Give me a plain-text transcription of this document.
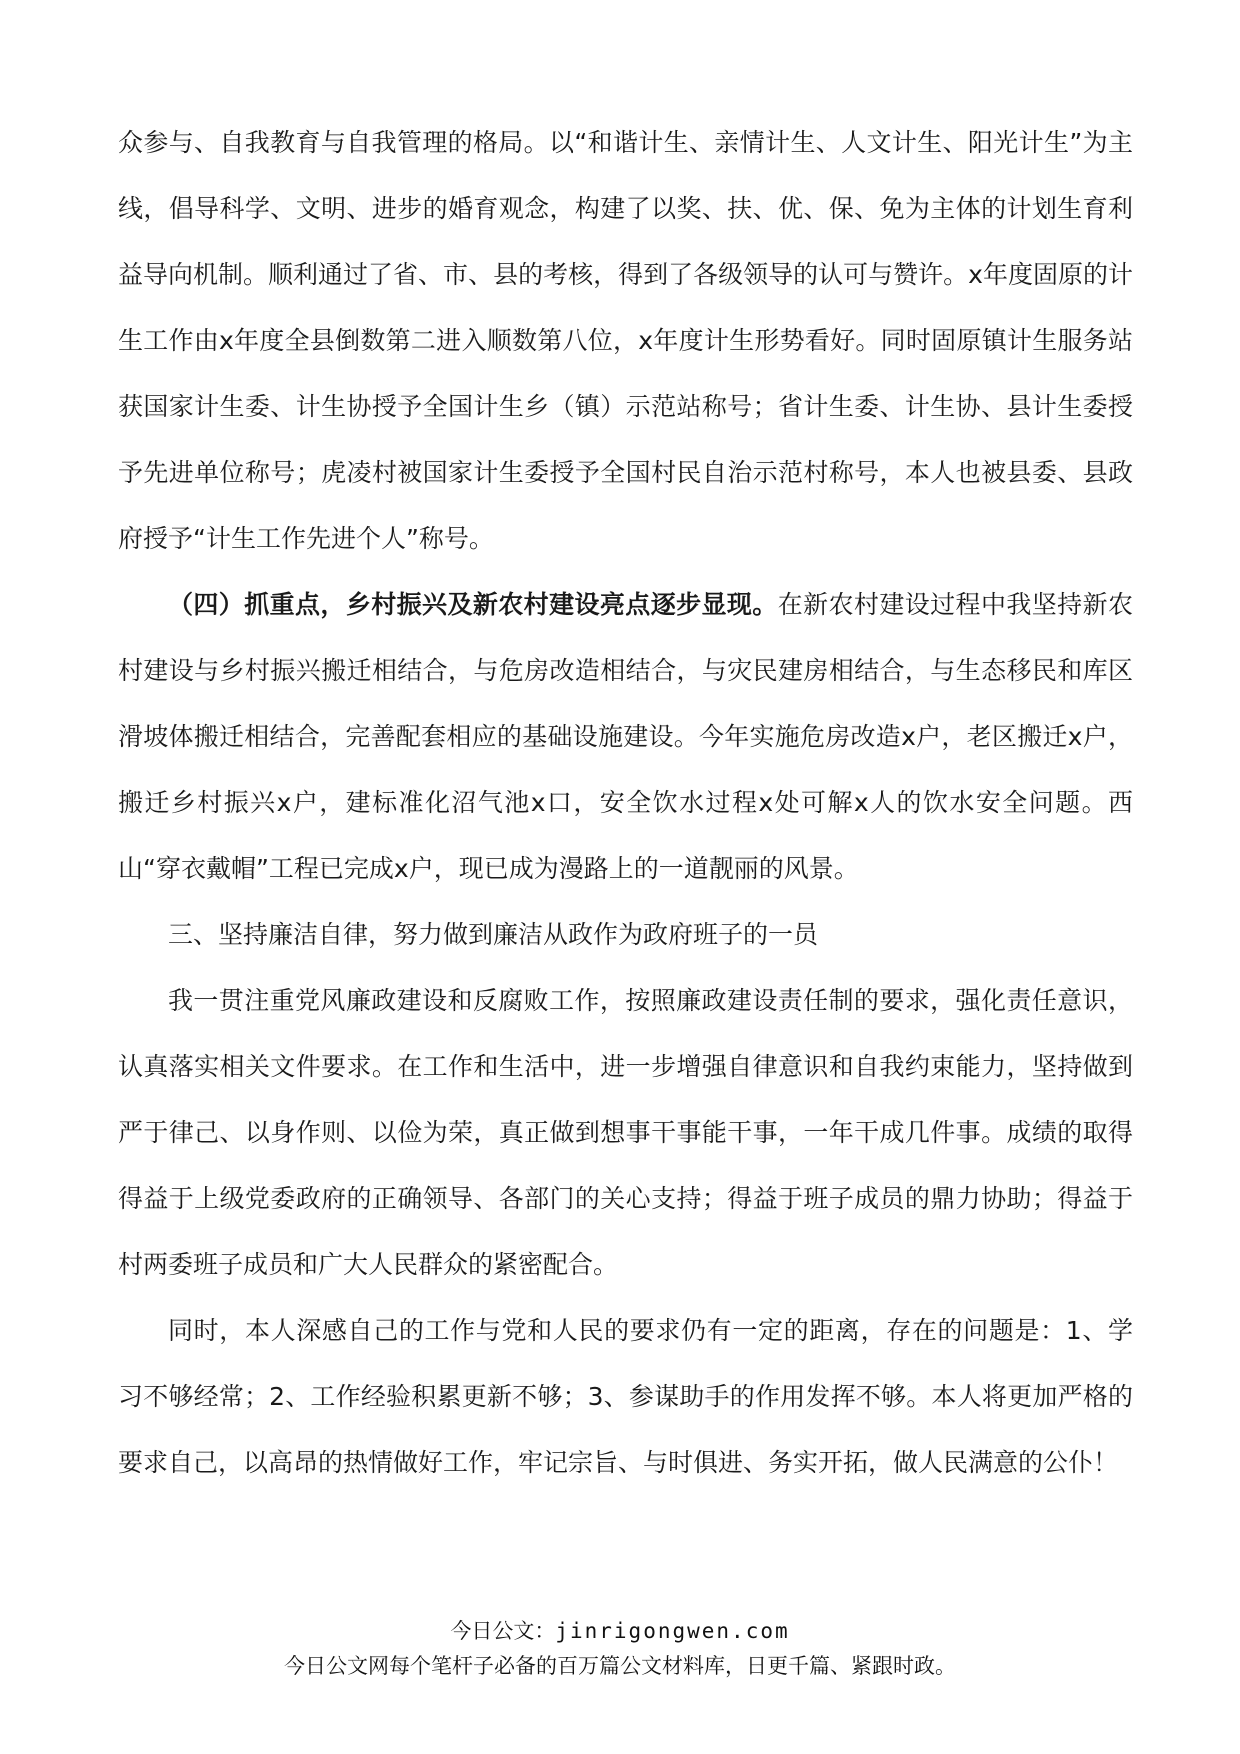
众参与、自我教育与自我管理的格局。以“和谐计生、亲情计生、人文计生、阳光计生”为主线，倡导科学、文明、进步的婚育观念，构建了以奖、扶、优、保、免为主体的计划生育利益导向机制。顺利通过了省、市、县的考核，得到了各级领导的认可与赞许。x年度固原的计生工作由x年度全县倒数第二进入顺数第八位，x年度计生形势看好。同时固原镇计生服务站获国家计生委、计生协授予全国计生乡（镇）示范站称号；省计生委、计生协、县计生委授予先进单位称号；虎凌村被国家计生委授予全国村民自治示范村称号，本人也被县委、县政府授予“计生工作先进个人”称号。

（四）抓重点，乡村振兴及新农村建设亮点逐步显现。在新农村建设过程中我坚持新农村建设与乡村振兴搬迁相结合，与危房改造相结合，与灾民建房相结合，与生态移民和库区滑坡体搬迁相结合，完善配套相应的基础设施建设。今年实施危房改造x户，老区搬迁x户，搬迁乡村振兴x户，建标准化沼气池x口，安全饮水过程x处可解x人的饮水安全问题。西山“穿衣戴帽”工程已完成x户，现已成为漫路上的一道靓丽的风景。

三、坚持廉洁自律，努力做到廉洁从政作为政府班子的一员

我一贯注重党风廉政建设和反腐败工作，按照廉政建设责任制的要求，强化责任意识，认真落实相关文件要求。在工作和生活中，进一步增强自律意识和自我约束能力，坚持做到严于律己、以身作则、以俭为荣，真正做到想事干事能干事，一年干成几件事。成绩的取得得益于上级党委政府的正确领导、各部门的关心支持；得益于班子成员的鼎力协助；得益于村两委班子成员和广大人民群众的紧密配合。

同时，本人深感自己的工作与党和人民的要求仍有一定的距离，存在的问题是：1、学习不够经常；2、工作经验积累更新不够；3、参谋助手的作用发挥不够。本人将更加严格的要求自己，以高昂的热情做好工作，牢记宗旨、与时俱进、务实开拓，做人民满意的公仆！

今日公文：jinrigongwen.com
今日公文网每个笔杆子必备的百万篇公文材料库，日更千篇、紧跟时政。
